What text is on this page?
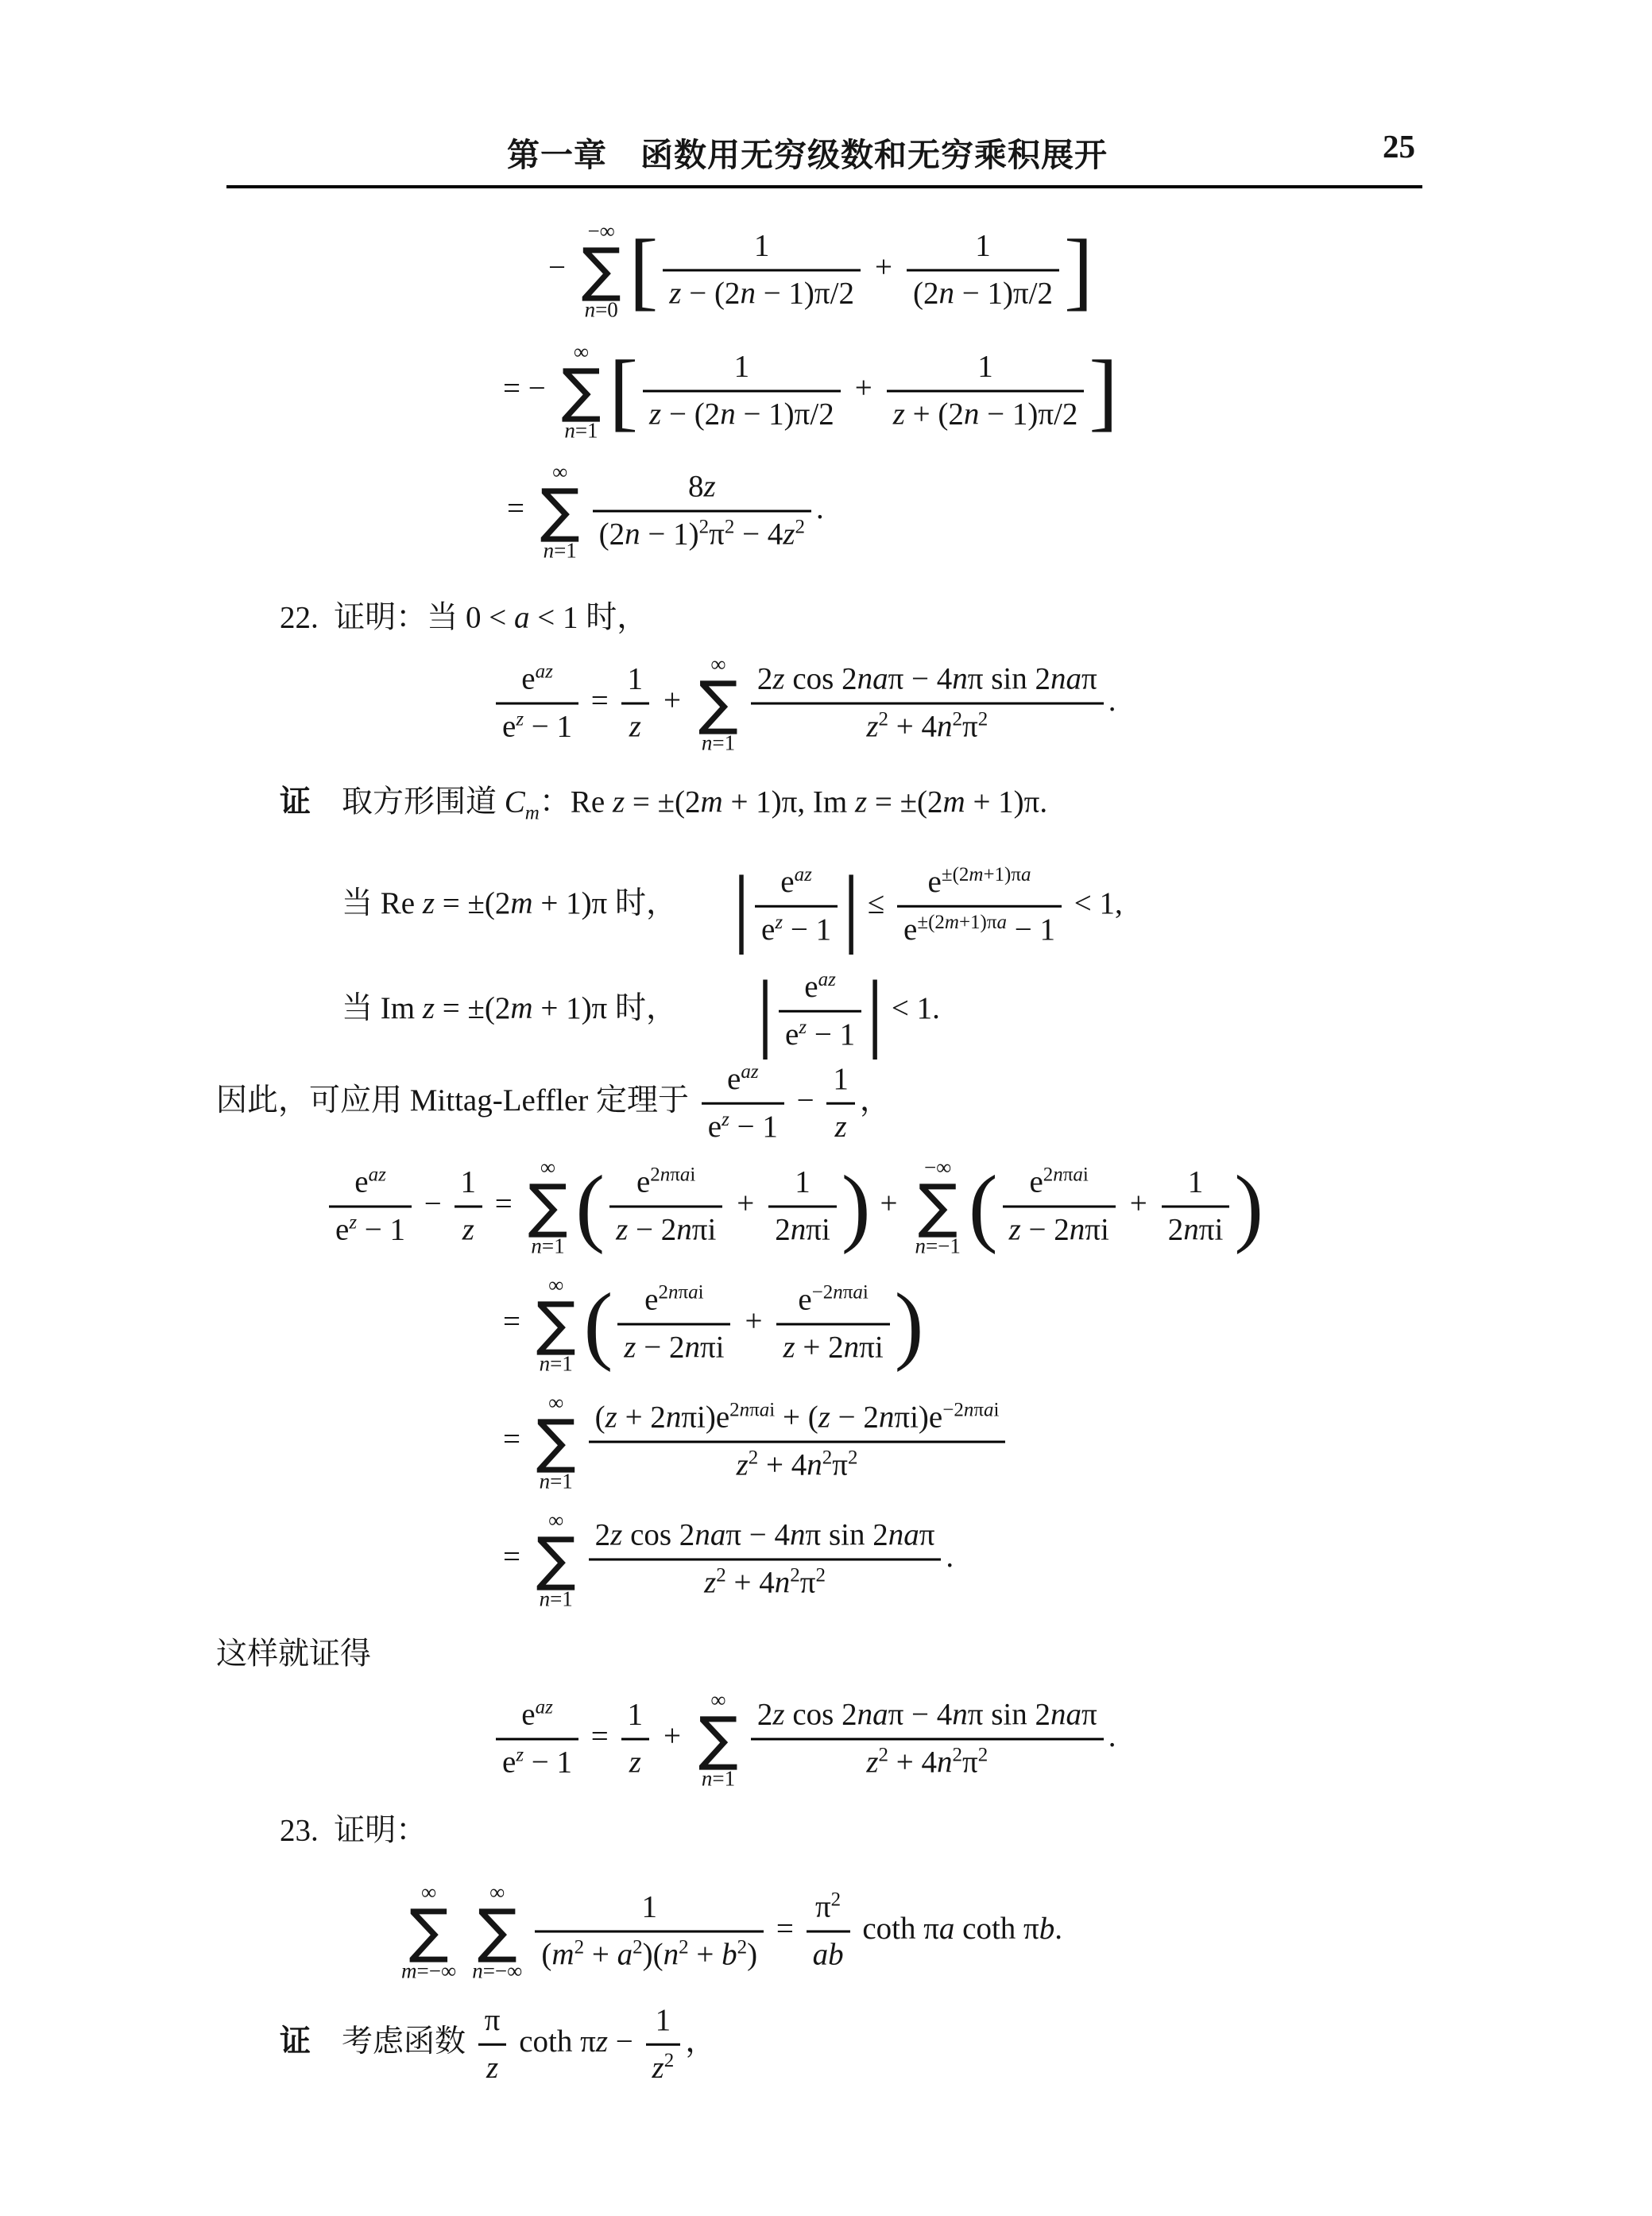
第一章　函数用无穷级数和无穷乘积展开	25
−
−∞
∑
n=0 [ $\frac{1}{z - (2n - 1)\pi/2} + \frac{1}{(2n - 1)\pi/2}$ ]
= −
∞
∑
n=1 [ $\frac{1}{z - (2n - 1)\pi/2} + \frac{1}{z + (2n - 1)\pi/2}$ ]
=
∞
∑
$n=1 \frac{8z}{(2n - 1)^2\pi^2 - 4z^2}$ .
22.  证明：当 0 < a < 1 时，
$e^{az}$
$e^z - 1$
= $\frac{1}{z}$ +
∞
∑
n=1
2z cos 2naπ − 4nπ sin 2naπ
$z^2 + 4n^2\pi^2$
.
证　取方形围道 $C_m$：Re z = ±(2m + 1)π, Im z = ±(2m + 1)π.
当 Re z = ±(2m + 1)π 时， | $e^{az}$
$e^z - 1$ | ≤ $\frac{e^{\pm(2m+1)\pi a}}{e^{\pm(2m+1)\pi a} - 1} < 1$,
当 Im z = ±(2m + 1)π 时， | $e^{az}$
$e^z - 1$ | < 1.
因此，可应用 Mittag-Leffler 定理于
$e^{az}$
$e^z - 1$
− $\frac{1}{z}$ ，
$e^{az}$
$e^z - 1$
− $\frac{1}{z}$ =
∞
∑
n=1 (	$e^{2n\pi ai}$
z − 2nπi
+
1
2nπi ) +
−∞
∑
n=−1 (	$e^{2n\pi ai}$
z − 2nπi
+
1
2nπi )
=
∞
∑
n=1 (	$e^{2n\pi ai}$
z − 2nπi
+
$e^{-2n\pi ai}$
z + 2nπi )
=
∞
∑
n=1
$(z + 2n\pi i)e^{2n\pi ai} + (z - 2n\pi i)e^{-2n\pi ai}$
$z^2 + 4n^2\pi^2$
=
∞
∑
n=1
2z cos 2naπ − 4nπ sin 2naπ
$z^2 + 4n^2\pi^2$
.
这样就证得
$e^{az}$
$e^z - 1$
= $\frac{1}{z}$ +
∞
∑
n=1
2z cos 2naπ − 4nπ sin 2naπ
$z^2 + 4n^2\pi^2$
.
23.  证明：
∞
∑
m=−∞
∞
∑
$n=-\infty \frac{1}{(m^2 + a^2)(n^2 + b^2)} = \frac{\pi^2}{ab}$ coth πa coth πb.
证　考虑函数 $\frac{\pi}{z}$ coth $\pi z - \frac{1}{z^2}$ ，
